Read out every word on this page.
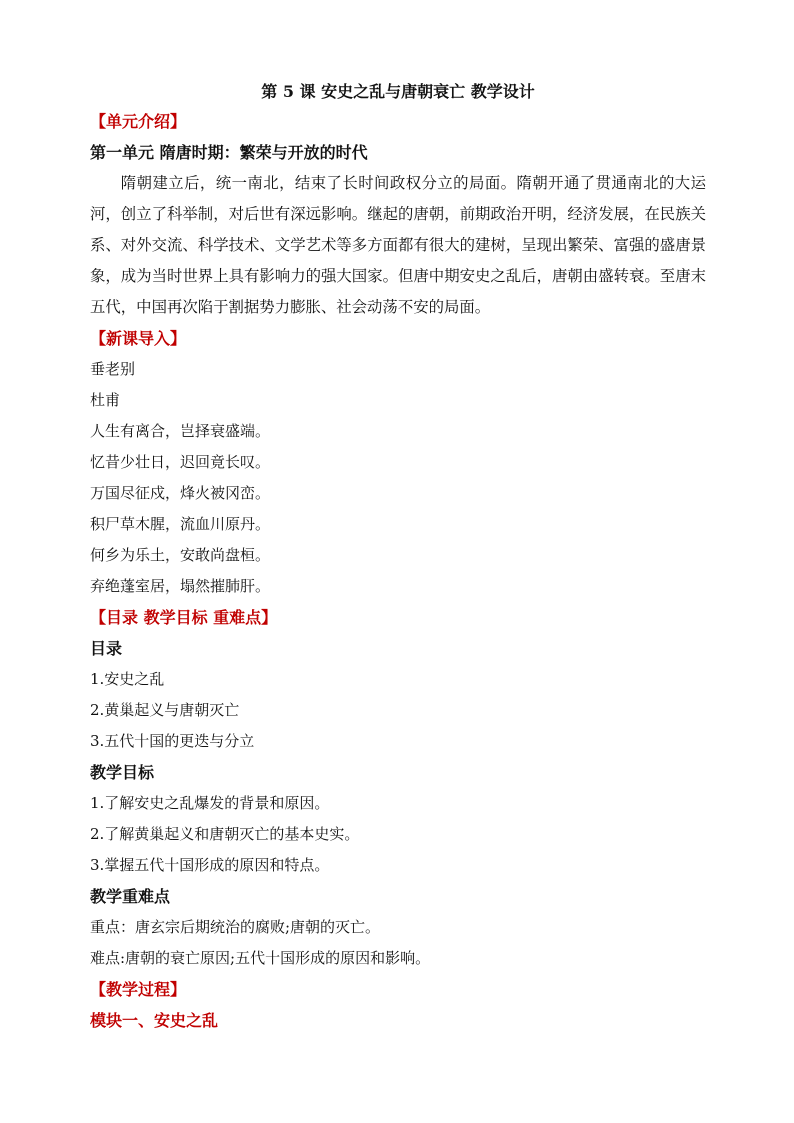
第 5 课 安史之乱与唐朝衰亡 教学设计
【单元介绍】
第一单元 隋唐时期：繁荣与开放的时代
隋朝建立后，统一南北，结束了长时间政权分立的局面。隋朝开通了贯通南北的大运河，创立了科举制，对后世有深远影响。继起的唐朝，前期政治开明，经济发展，在民族关系、对外交流、科学技术、文学艺术等多方面都有很大的建树，呈现出繁荣、富强的盛唐景象，成为当时世界上具有影响力的强大国家。但唐中期安史之乱后，唐朝由盛转衰。至唐末五代，中国再次陷于割据势力膨胀、社会动荡不安的局面。
【新课导入】
垂老别
杜甫
人生有离合，岂择衰盛端。
忆昔少壮日，迟回竟长叹。
万国尽征戍，烽火被冈峦。
积尸草木腥，流血川原丹。
何乡为乐土，安敢尚盘桓。
弃绝蓬室居，塌然摧肺肝。
【目录 教学目标 重难点】
目录
1.安史之乱
2.黄巢起义与唐朝灭亡
3.五代十国的更迭与分立
教学目标
1.了解安史之乱爆发的背景和原因。
2.了解黄巢起义和唐朝灭亡的基本史实。
3.掌握五代十国形成的原因和特点。
教学重难点
重点：唐玄宗后期统治的腐败;唐朝的灭亡。
难点:唐朝的衰亡原因;五代十国形成的原因和影响。
【教学过程】
模块一、安史之乱
